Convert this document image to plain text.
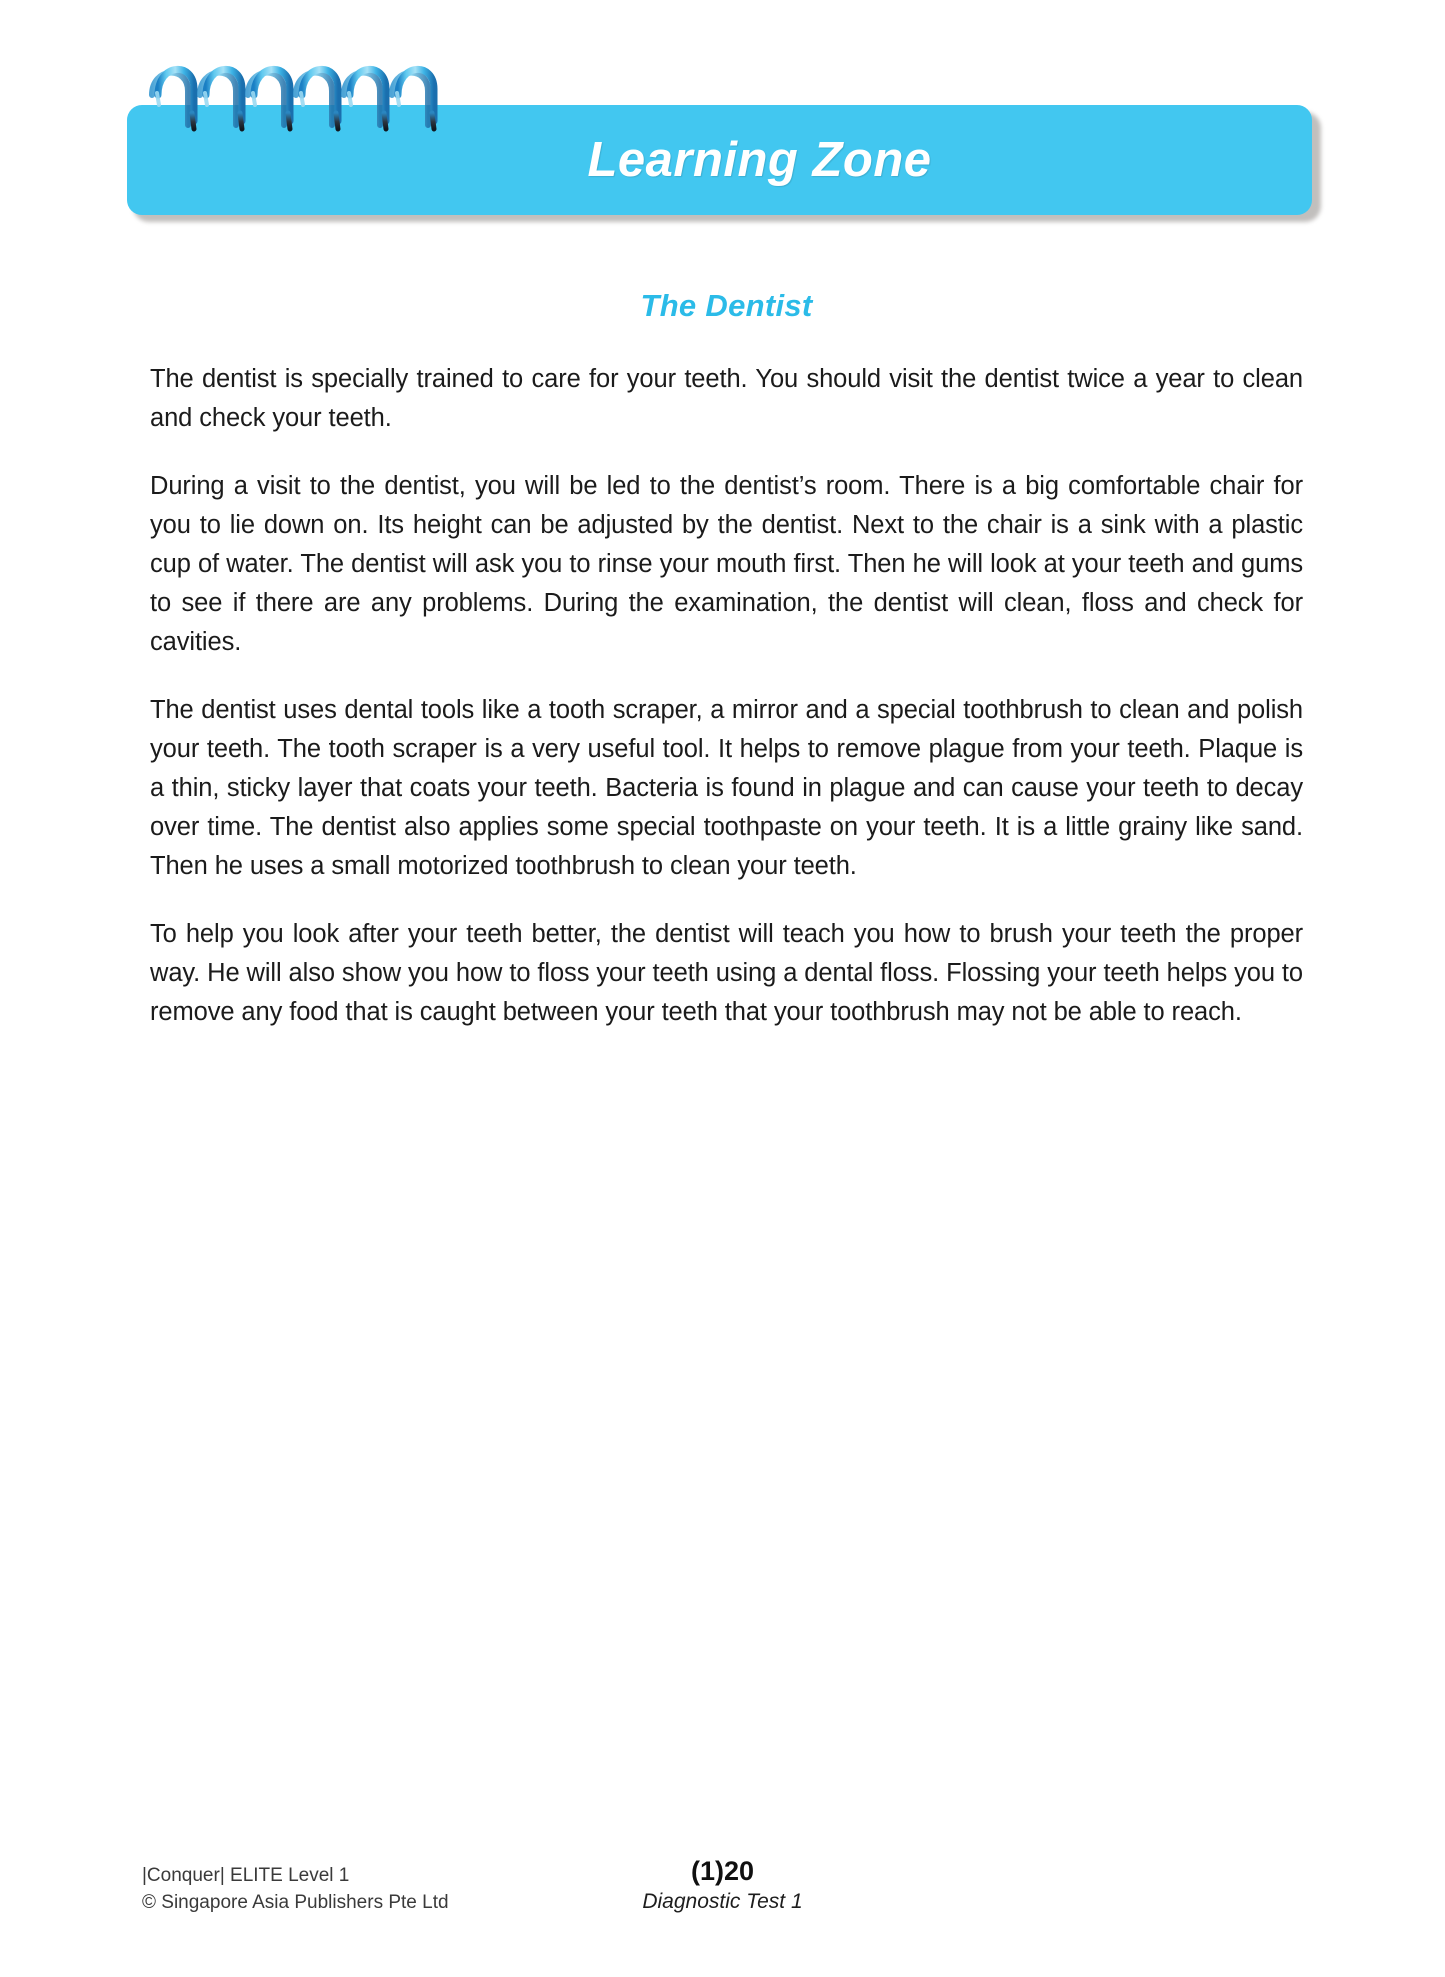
Learning Zone
The Dentist

The dentist is specially trained to care for your teeth. You should visit the dentist twice a year to clean and check your teeth.

During a visit to the dentist, you will be led to the dentist’s room. There is a big comfortable chair for you to lie down on. Its height can be adjusted by the dentist. Next to the chair is a sink with a plastic cup of water. The dentist will ask you to rinse your mouth first. Then he will look at your teeth and gums to see if there are any problems. During the examination, the dentist will clean, floss and check for cavities.

The dentist uses dental tools like a tooth scraper, a mirror and a special toothbrush to clean and polish your teeth. The tooth scraper is a very useful tool. It helps to remove plague from your teeth. Plaque is a thin, sticky layer that coats your teeth. Bacteria is found in plague and can cause your teeth to decay over time. The dentist also applies some special toothpaste on your teeth. It is a little grainy like sand. Then he uses a small motorized toothbrush to clean your teeth.

To help you look after your teeth better, the dentist will teach you how to brush your teeth the proper way. He will also show you how to floss your teeth using a dental floss. Flossing your teeth helps you to remove any food that is caught between your teeth that your toothbrush may not be able to reach.

|Conquer| ELITE Level 1
© Singapore Asia Publishers Pte Ltd
(1)20
Diagnostic Test 1
